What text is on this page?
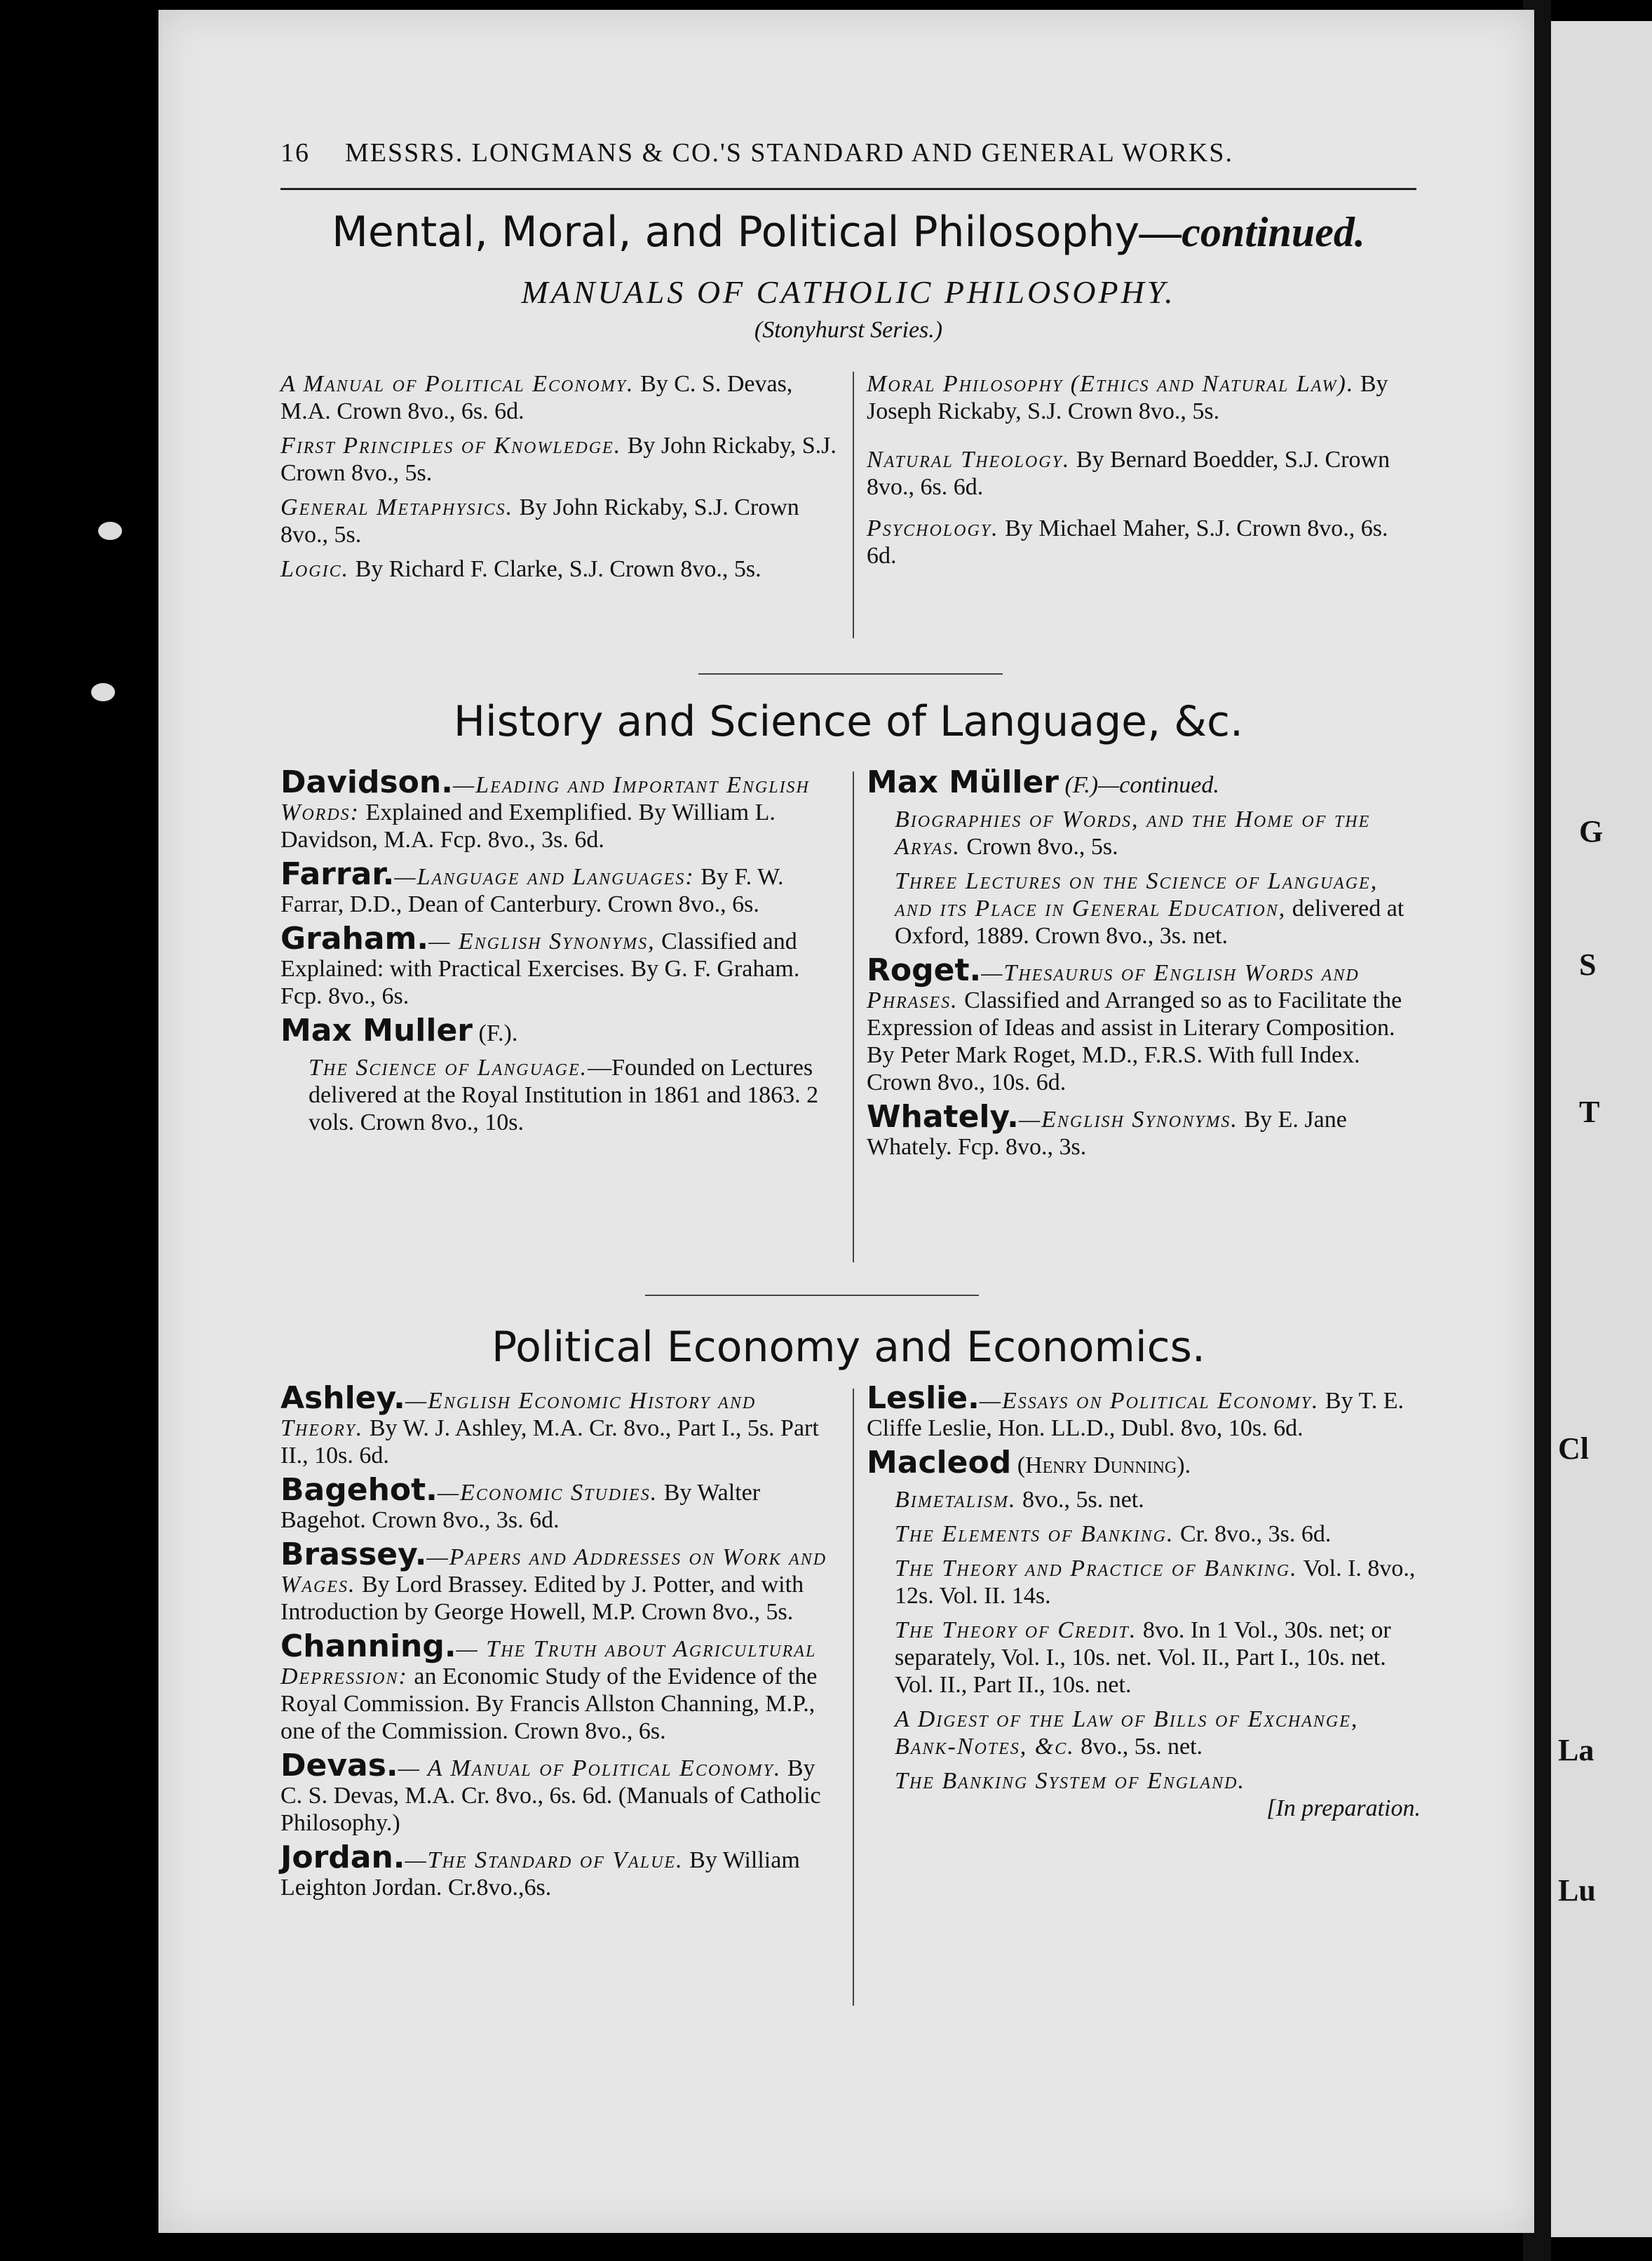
G
S
T
Cl
La
Lu
16 MESSRS. LONGMANS & CO.'S STANDARD AND GENERAL WORKS.
Mental, Moral, and Political Philosophy—continued.
MANUALS OF CATHOLIC PHILOSOPHY.
(Stonyhurst Series.)
A Manual of Political Economy. By C. S. Devas, M.A. Crown 8vo., 6s. 6d.
First Principles of Knowledge. By John Rickaby, S.J. Crown 8vo., 5s.
General Metaphysics. By John Rickaby, S.J. Crown 8vo., 5s.
Logic. By Richard F. Clarke, S.J. Crown 8vo., 5s.
Moral Philosophy (Ethics and Natural Law). By Joseph Rickaby, S.J. Crown 8vo., 5s.
Natural Theology. By Bernard Boedder, S.J. Crown 8vo., 6s. 6d.
Psychology. By Michael Maher, S.J. Crown 8vo., 6s. 6d.
History and Science of Language, &c.
Davidson.—Leading and Important English Words: Explained and Exemplified. By William L. Davidson, M.A. Fcp. 8vo., 3s. 6d.
Farrar.—Language and Languages: By F. W. Farrar, D.D., Dean of Canterbury. Crown 8vo., 6s.
Graham.— English Synonyms, Classified and Explained: with Practical Exercises. By G. F. Graham. Fcp. 8vo., 6s.
Max Muller (F.).
The Science of Language.—Founded on Lectures delivered at the Royal Institution in 1861 and 1863. 2 vols. Crown 8vo., 10s.
Max Müller (F.)—continued.
Biographies of Words, and the Home of the Aryas. Crown 8vo., 5s.
Three Lectures on the Science of Language, and its Place in General Education, delivered at Oxford, 1889. Crown 8vo., 3s. net.
Roget.—Thesaurus of English Words and Phrases. Classified and Arranged so as to Facilitate the Expression of Ideas and assist in Literary Composition. By Peter Mark Roget, M.D., F.R.S. With full Index. Crown 8vo., 10s. 6d.
Whately.—English Synonyms. By E. Jane Whately. Fcp. 8vo., 3s.
Political Economy and Economics.
Ashley.—English Economic History and Theory. By W. J. Ashley, M.A. Cr. 8vo., Part I., 5s. Part II., 10s. 6d.
Bagehot.—Economic Studies. By Walter Bagehot. Crown 8vo., 3s. 6d.
Brassey.—Papers and Addresses on Work and Wages. By Lord Brassey. Edited by J. Potter, and with Introduction by George Howell, M.P. Crown 8vo., 5s.
Channing.— The Truth about Agricultural Depression: an Economic Study of the Evidence of the Royal Commission. By Francis Allston Channing, M.P., one of the Commission. Crown 8vo., 6s.
Devas.— A Manual of Political Economy. By C. S. Devas, M.A. Cr. 8vo., 6s. 6d. (Manuals of Catholic Philosophy.)
Jordan.—The Standard of Value. By William Leighton Jordan. Cr.8vo.,6s.
Leslie.—Essays on Political Economy. By T. E. Cliffe Leslie, Hon. LL.D., Dubl. 8vo, 10s. 6d.
Macleod (Henry Dunning).
Bimetalism. 8vo., 5s. net.
The Elements of Banking. Cr. 8vo., 3s. 6d.
The Theory and Practice of Banking. Vol. I. 8vo., 12s. Vol. II. 14s.
The Theory of Credit. 8vo. In 1 Vol., 30s. net; or separately, Vol. I., 10s. net. Vol. II., Part I., 10s. net. Vol. II., Part II., 10s. net.
A Digest of the Law of Bills of Exchange, Bank-Notes, &c. 8vo., 5s. net.
The Banking System of England.
[In preparation.
